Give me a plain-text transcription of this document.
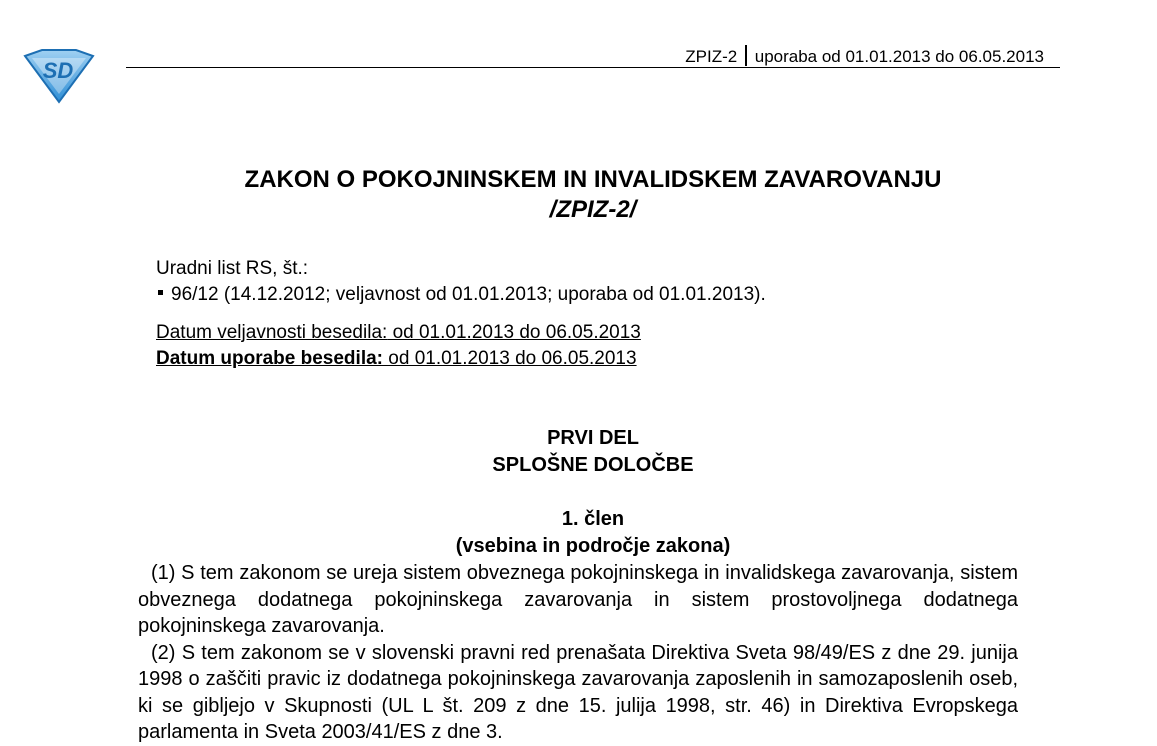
SD
ZPIZ-2 uporaba od 01.01.2013 do 06.05.2013
ZAKON O POKOJNINSKEM IN INVALIDSKEM ZAVAROVANJU
/ZPIZ-2/
Uradni list RS, št.:
96/12 (14.12.2012; veljavnost od 01.01.2013; uporaba od 01.01.2013).
Datum veljavnosti besedila: od 01.01.2013 do 06.05.2013
Datum uporabe besedila: od 01.01.2013 do 06.05.2013
PRVI DEL
SPLOŠNE DOLOČBE
1. člen
(vsebina in področje zakona)

(1) S tem zakonom se ureja sistem obveznega pokojninskega in invalidskega zavarovanja, sistem obveznega dodatnega pokojninskega zavarovanja in sistem prostovoljnega dodatnega pokojninskega zavarovanja.

(2) S tem zakonom se v slovenski pravni red prenašata Direktiva Sveta 98/49/ES z dne 29. junija 1998 o zaščiti pravic iz dodatnega pokojninskega zavarovanja zaposlenih in samozaposlenih oseb, ki se gibljejo v Skupnosti (UL L št. 209 z dne 15. julija 1998, str. 46) in Direktiva Evropskega parlamenta in Sveta 2003/41/ES z dne 3.
